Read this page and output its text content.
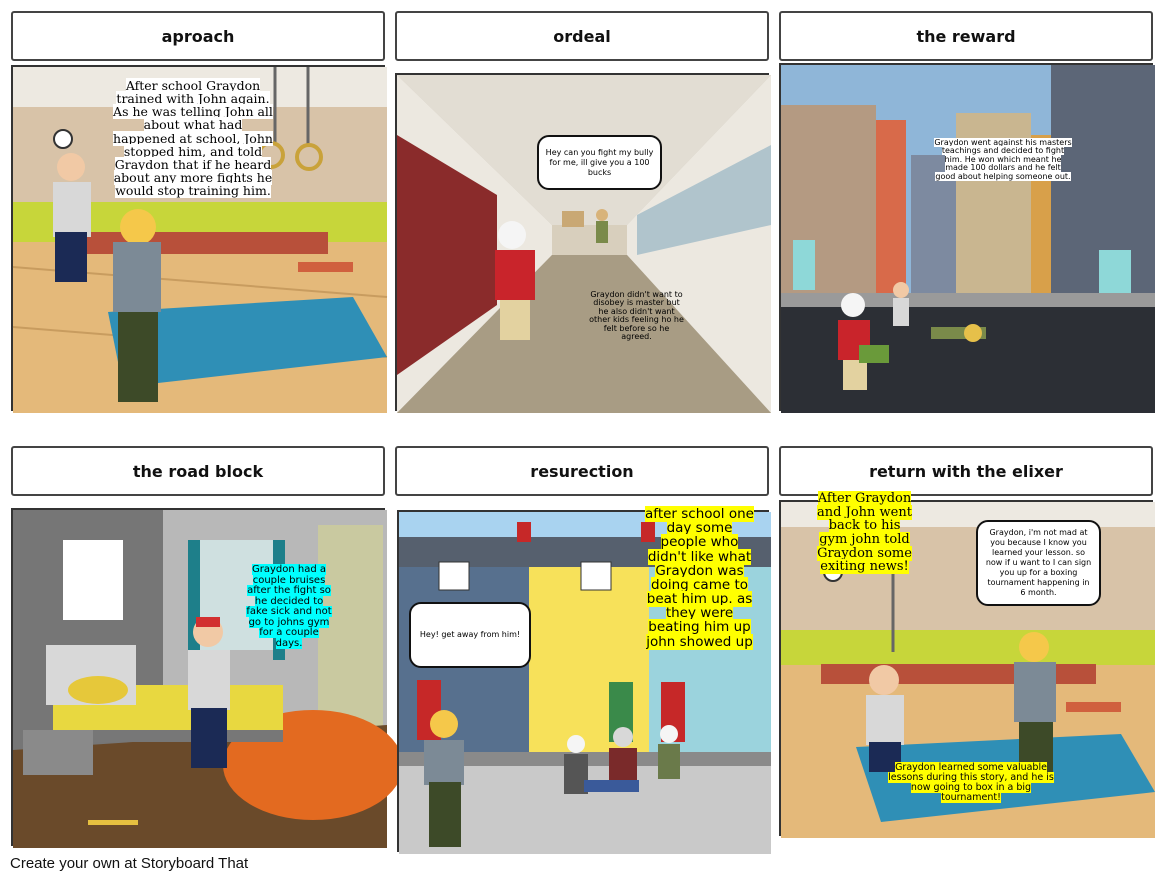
aproach	ordeal	the reward
the road block	resurection	return with the elixer
After school Graydon trained with John again. As he was telling John all about what had happened at school, John stopped him, and told Graydon that if he heard about any more fights he would stop training him.
Hey can you fight my bully for me, ill give you a 100 bucks
Graydon didn't want to disobey is master but he also didn't want other kids feeling ho he felt before so he agreed.
Graydon went against his masters teachings and decided to fight him. He won which meant he made 100 dollars and he felt good about helping someone out.
Graydon had a couple bruises after the fight so he decided to fake sick and not go to johns gym for a couple days.
Hey! get away from him!
after school one day some people who didn't like what Graydon was doing came to beat him up. as they were beating him up john showed up
After Graydon and John went back to his gym john told Graydon some exiting news!
Graydon, i'm not mad at you because I know you learned your lesson. so now if u want to I can sign you up for a boxing tournament happening in 6 month.
Graydon learned some valuable lessons during this story, and he is now going to box in a big tournament!
Create your own at Storyboard That
